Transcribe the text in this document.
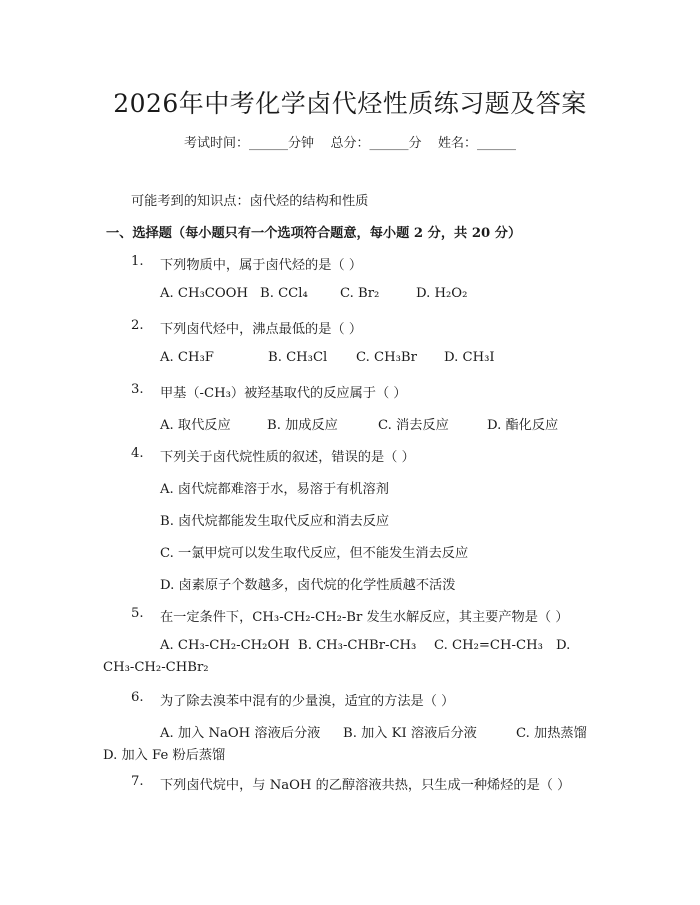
2026年中考化学卤代烃性质练习题及答案
考试时间：______分钟    总分：______分    姓名：______
可能考到的知识点：卤代烃的结构和性质
一、选择题（每小题只有一个选项符合题意，每小题 2 分，共 20 分）
1. 下列物质中，属于卤代烃的是（ ）
A. CH₃COOH B. CCl₄ C. Br₂	D. H₂O₂
2. 下列卤代烃中，沸点最低的是（ ）
A. CH₃F	B. CH₃Cl C. CH₃Br D. CH₃I
3. 甲基（-CH₃）被羟基取代的反应属于（ ）
A. 取代反应	B. 加成反应	C. 消去反应	D. 酯化反应
4. 下列关于卤代烷性质的叙述，错误的是（ ）
A. 卤代烷都难溶于水，易溶于有机溶剂
B. 卤代烷都能发生取代反应和消去反应
C. 一氯甲烷可以发生取代反应，但不能发生消去反应
D. 卤素原子个数越多，卤代烷的化学性质越不活泼
5. 在一定条件下，CH₃-CH₂-CH₂-Br 发生水解反应，其主要产物是（ ）
A. CH₃-CH₂-CH₂OH B. CH₃-CHBr-CH₃ C. CH₂=CH-CH₃ D.
CH₃-CH₂-CHBr₂
6. 为了除去溴苯中混有的少量溴，适宜的方法是（ ）
A. 加入 NaOH 溶液后分液 B. 加入 KI 溶液后分液	C. 加热蒸馏
D. 加入 Fe 粉后蒸馏
7. 下列卤代烷中，与 NaOH 的乙醇溶液共热，只生成一种烯烃的是（ ）
